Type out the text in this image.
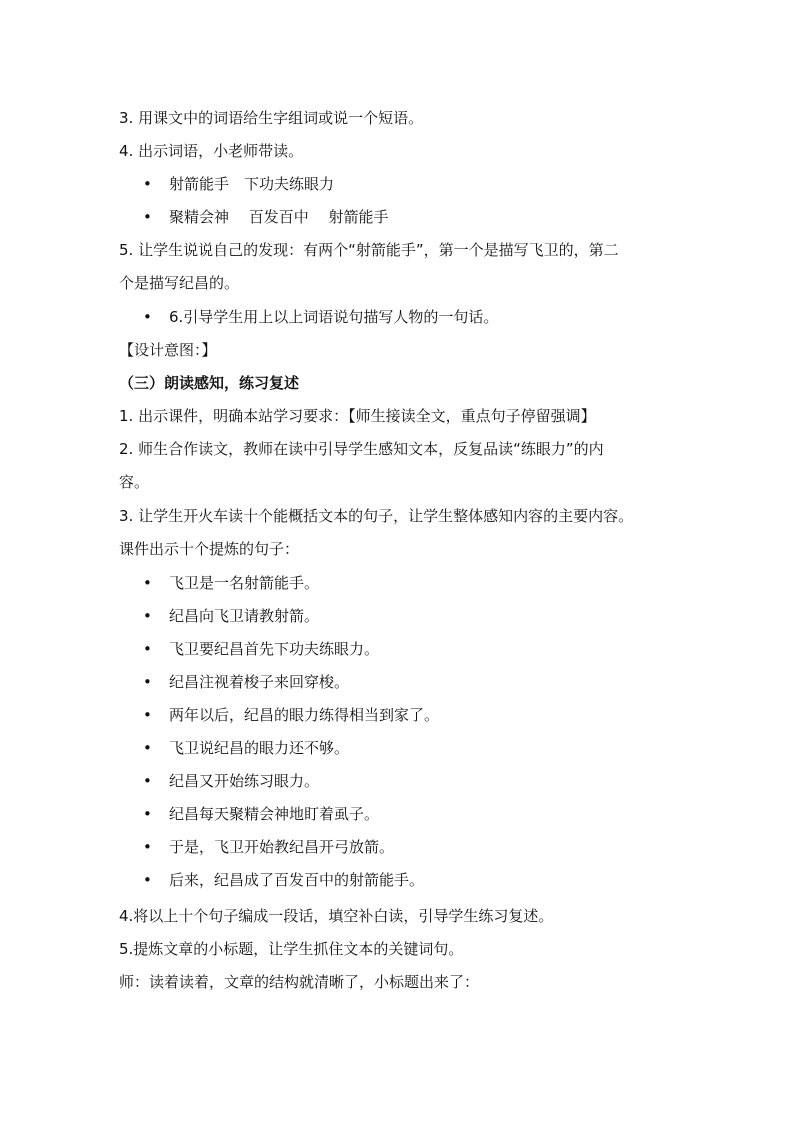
3. 用课文中的词语给生字组词或说一个短语。
4. 出示词语，小老师带读。
• 射箭能手　下功夫练眼力
• 聚精会神　 百发百中　 射箭能手
5. 让学生说说自己的发现：有两个“射箭能手”，第一个是描写飞卫的，第二
个是描写纪昌的。
• 6.引导学生用上以上词语说句描写人物的一句话。
【设计意图：】
（三）朗读感知，练习复述
1. 出示课件，明确本站学习要求：【师生接读全文，重点句子停留强调】
2. 师生合作读文，教师在读中引导学生感知文本，反复品读“练眼力”的内
容。
3. 让学生开火车读十个能概括文本的句子，让学生整体感知内容的主要内容。
课件出示十个提炼的句子：
• 飞卫是一名射箭能手。
• 纪昌向飞卫请教射箭。
• 飞卫要纪昌首先下功夫练眼力。
• 纪昌注视着梭子来回穿梭。
• 两年以后，纪昌的眼力练得相当到家了。
• 飞卫说纪昌的眼力还不够。
• 纪昌又开始练习眼力。
• 纪昌每天聚精会神地盯着虱子。
• 于是，飞卫开始教纪昌开弓放箭。
• 后来，纪昌成了百发百中的射箭能手。
4.将以上十个句子编成一段话，填空补白读，引导学生练习复述。
5.提炼文章的小标题，让学生抓住文本的关键词句。
师：读着读着，文章的结构就清晰了，小标题出来了：
